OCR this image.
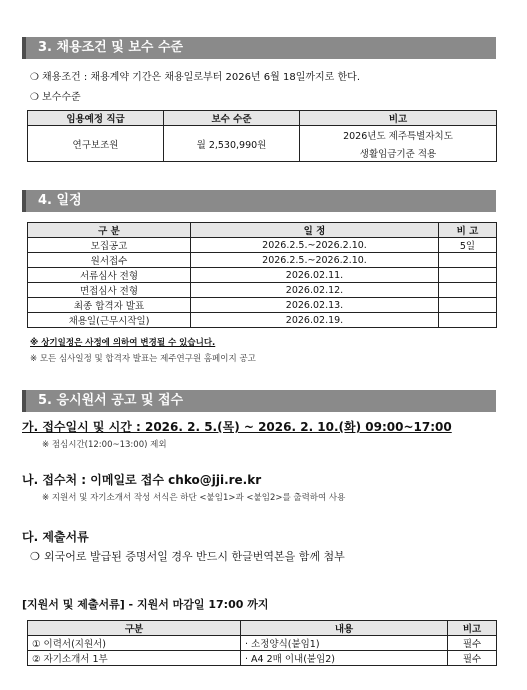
3. 채용조건 및 보수 수준
❍ 채용조건 : 채용계약 기간은 채용일로부터 2026년 6월 18일까지로 한다.
❍ 보수수준
임용예정 직급	보수 수준	비고
연구보조원	월 2,530,990원	2026년도 제주특별자치도
생활임금기준 적용
4. 일정
구 분	일 정	비 고
모집공고	2026.2.5.~2026.2.10.	5일
원서접수	2026.2.5.~2026.2.10.	
서류심사 전형	2026.02.11.	
면접심사 전형	2026.02.12.	
최종 합격자 발표	2026.02.13.	
채용일(근무시작일)	2026.02.19.	
※ 상기일정은 사정에 의하여 변경될 수 있습니다.
※ 모든 심사일정 및 합격자 발표는 제주연구원 홈페이지 공고
5. 응시원서 공고 및 접수
가. 접수일시 및 시간 : 2026. 2. 5.(목) ~ 2026. 2. 10.(화) 09:00~17:00
※ 점심시간(12:00~13:00) 제외
나. 접수처 : 이메일로 접수 chko@jji.re.kr
※ 지원서 및 자기소개서 작성 서식은 하단 <붙임1>과 <붙임2>를 출력하여 사용
다. 제출서류
❍ 외국어로 발급된 증명서일 경우 반드시 한글번역본을 함께 첨부
[지원서 및 제출서류] - 지원서 마감일 17:00 까지
구분	내용	비고
① 이력서(지원서)	· 소정양식(붙임1)	필수
② 자기소개서 1부	· A4 2매 이내(붙임2)	필수
